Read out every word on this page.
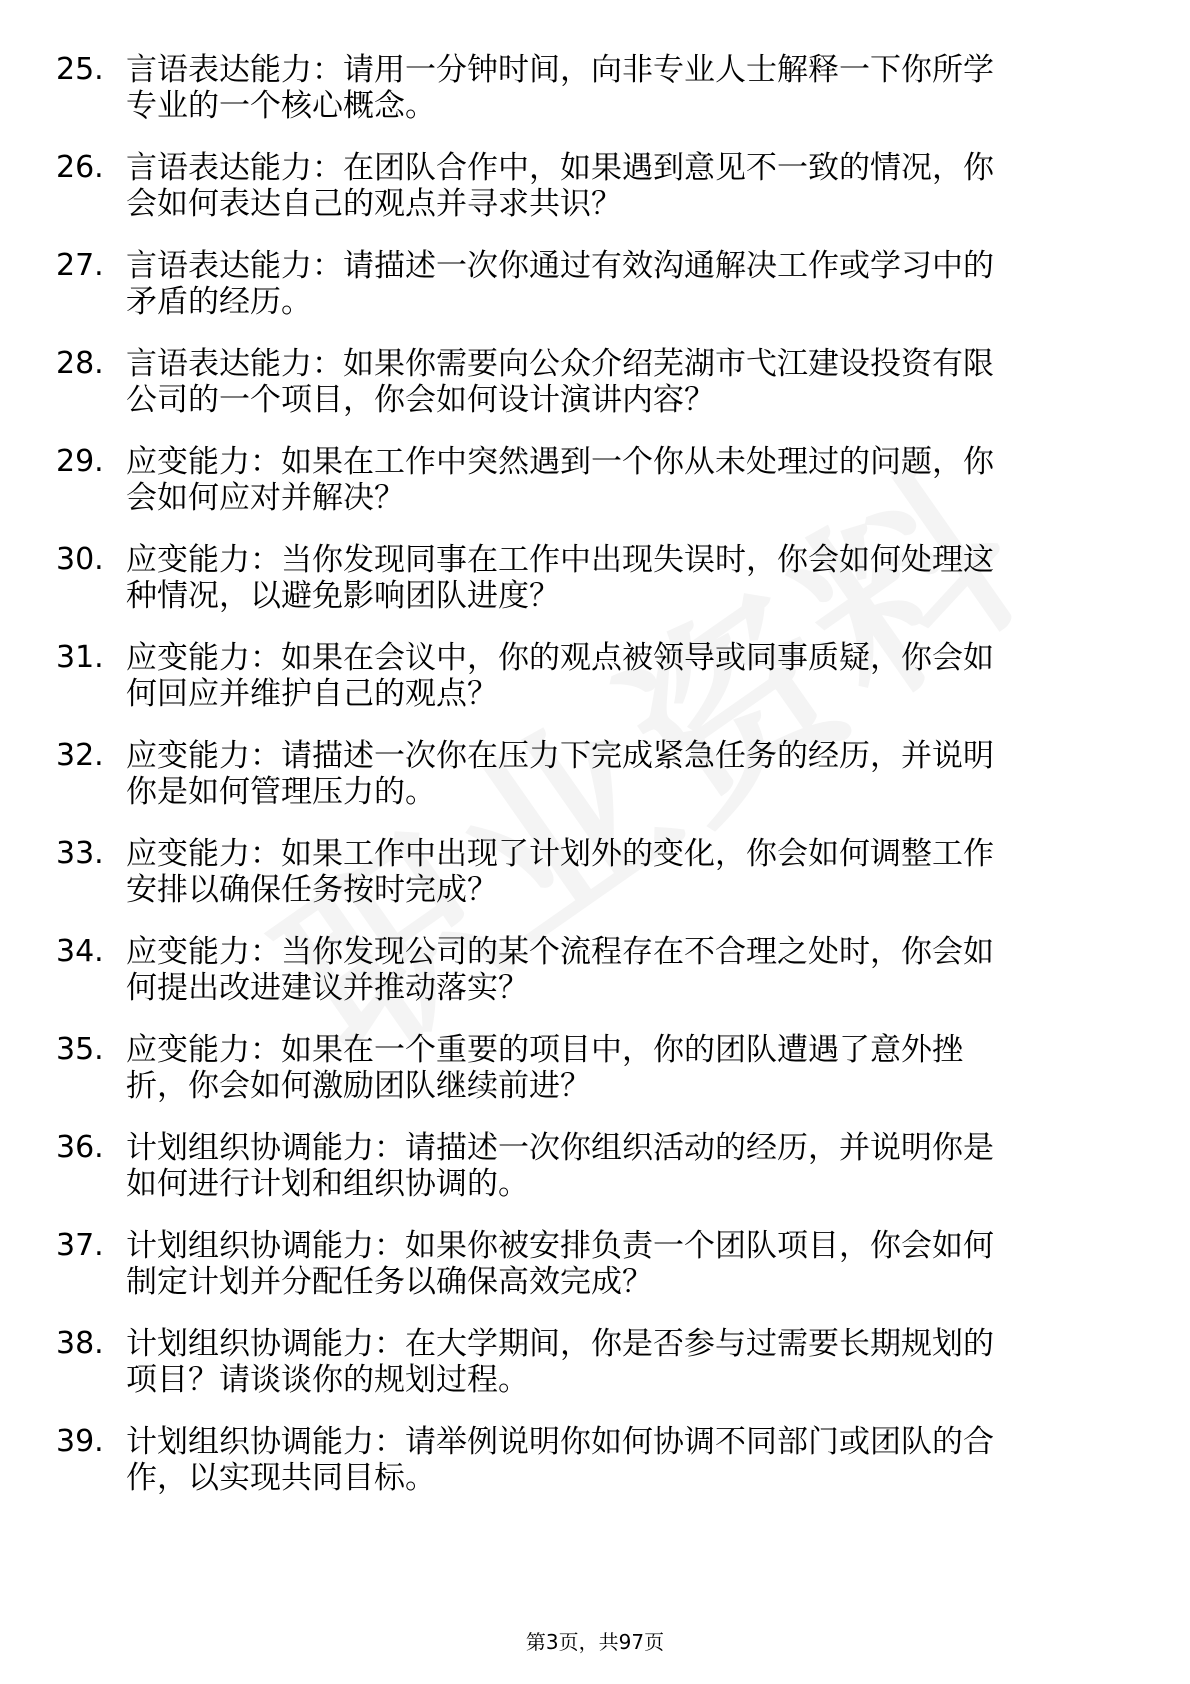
25. 言语表达能力：请用一分钟时间，向非专业人士解释一下你所学
专业的一个核心概念。
26. 言语表达能力：在团队合作中，如果遇到意见不一致的情况，你
会如何表达自己的观点并寻求共识？
27. 言语表达能力：请描述一次你通过有效沟通解决工作或学习中的
矛盾的经历。
28. 言语表达能力：如果你需要向公众介绍芜湖市弋江建设投资有限
公司的一个项目，你会如何设计演讲内容？
29. 应变能力：如果在工作中突然遇到一个你从未处理过的问题，你
会如何应对并解决？
30. 应变能力：当你发现同事在工作中出现失误时，你会如何处理这
种情况，以避免影响团队进度？
31. 应变能力：如果在会议中，你的观点被领导或同事质疑，你会如
何回应并维护自己的观点？
32. 应变能力：请描述一次你在压力下完成紧急任务的经历，并说明
你是如何管理压力的。
33. 应变能力：如果工作中出现了计划外的变化，你会如何调整工作
安排以确保任务按时完成？
34. 应变能力：当你发现公司的某个流程存在不合理之处时，你会如
何提出改进建议并推动落实？
35. 应变能力：如果在一个重要的项目中，你的团队遭遇了意外挫
折，你会如何激励团队继续前进？
36. 计划组织协调能力：请描述一次你组织活动的经历，并说明你是
如何进行计划和组织协调的。
37. 计划组织协调能力：如果你被安排负责一个团队项目，你会如何
制定计划并分配任务以确保高效完成？
38. 计划组织协调能力：在大学期间，你是否参与过需要长期规划的
项目？请谈谈你的规划过程。
39. 计划组织协调能力：请举例说明你如何协调不同部门或团队的合
作，以实现共同目标。
第3页，共97页
